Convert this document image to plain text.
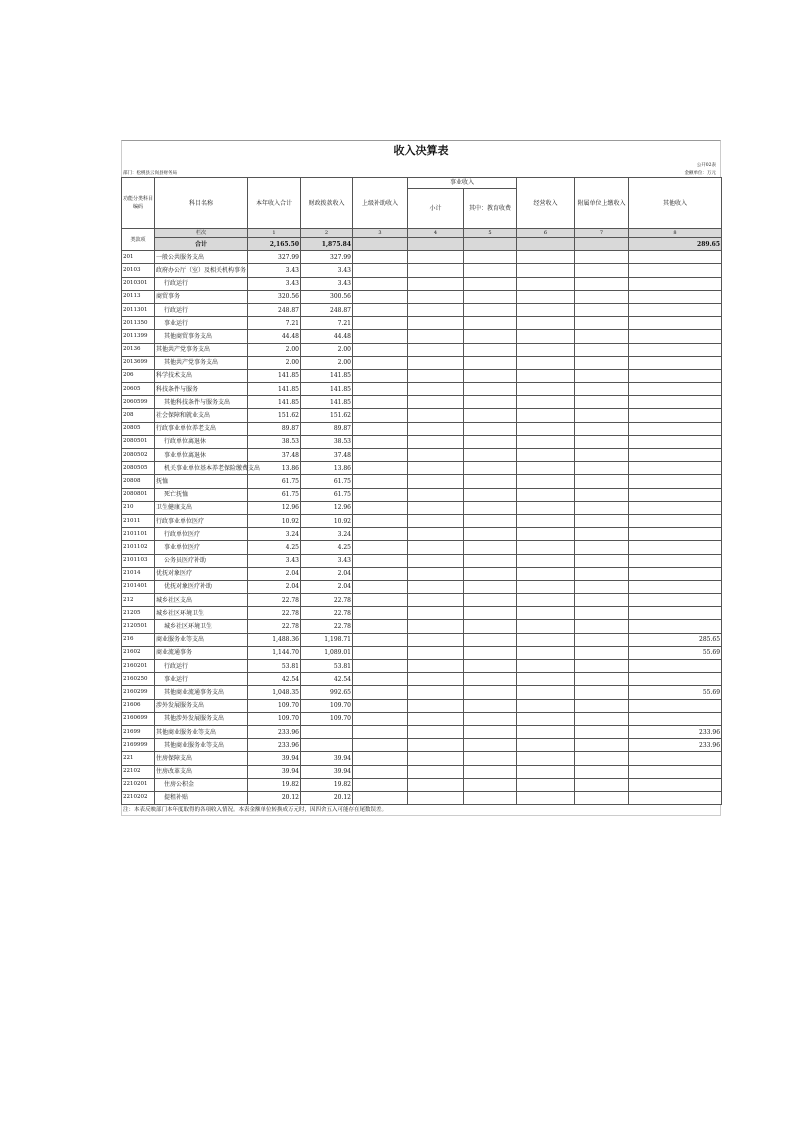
收入决算表
公开02表
部门：松桃县云岗县财务局	金额单位：万元
功能分类科目编码	科目名称	本年收入合计	财政拨款收入	上级补助收入	事业收入		经营收入	附属单位上缴收入	其他收入
					小计	其中：教育收费			
类款项	栏次	1	2	3	4	5	6	7	8
	合计	2,165.50	1,875.84						289.65
201	一般公共服务支出	327.99	327.99						
20103	政府办公厅（室）及相关机构事务	3.43	3.43						
2010301	行政运行	3.43	3.43						
20113	商贸事务	320.56	300.56						
2011301	行政运行	248.87	248.87						
2011350	事业运行	7.21	7.21						
2011399	其他商贸事务支出	44.48	44.48						
20136	其他共产党事务支出	2.00	2.00						
2013699	其他共产党事务支出	2.00	2.00						
206	科学技术支出	141.85	141.85						
20605	科技条件与服务	141.85	141.85						
2060599	其他科技条件与服务支出	141.85	141.85						
208	社会保障和就业支出	151.62	151.62						
20805	行政事业单位养老支出	89.87	89.87						
2080501	行政单位离退休	38.53	38.53						
2080502	事业单位离退休	37.48	37.48						
2080505	机关事业单位基本养老保险缴费支出	13.86	13.86						
20808	抚恤	61.75	61.75						
2080801	死亡抚恤	61.75	61.75						
210	卫生健康支出	12.96	12.96						
21011	行政事业单位医疗	10.92	10.92						
2101101	行政单位医疗	3.24	3.24						
2101102	事业单位医疗	4.25	4.25						
2101103	公务员医疗补助	3.43	3.43						
21014	优抚对象医疗	2.04	2.04						
2101401	优抚对象医疗补助	2.04	2.04						
212	城乡社区支出	22.78	22.78						
21205	城乡社区环境卫生	22.78	22.78						
2120501	城乡社区环境卫生	22.78	22.78						
216	商业服务业等支出	1,488.36	1,198.71						285.65
21602	商业流通事务	1,144.70	1,089.01						55.69
2160201	行政运行	53.81	53.81						
2160250	事业运行	42.54	42.54						
2160299	其他商业流通事务支出	1,048.35	992.65						55.69
21606	涉外发展服务支出	109.70	109.70						
2160699	其他涉外发展服务支出	109.70	109.70						
21699	其他商业服务业等支出	233.96							233.96
2169999	其他商业服务业等支出	233.96							233.96
221	住房保障支出	39.94	39.94						
22102	住房改革支出	39.94	39.94						
2210201	住房公积金	19.82	19.82						
2210202	提租补贴	20.12	20.12						
注：本表反映部门本年度取得的各项收入情况。本表金额单位转换成万元时，因四舍五入可能存在尾数误差。
